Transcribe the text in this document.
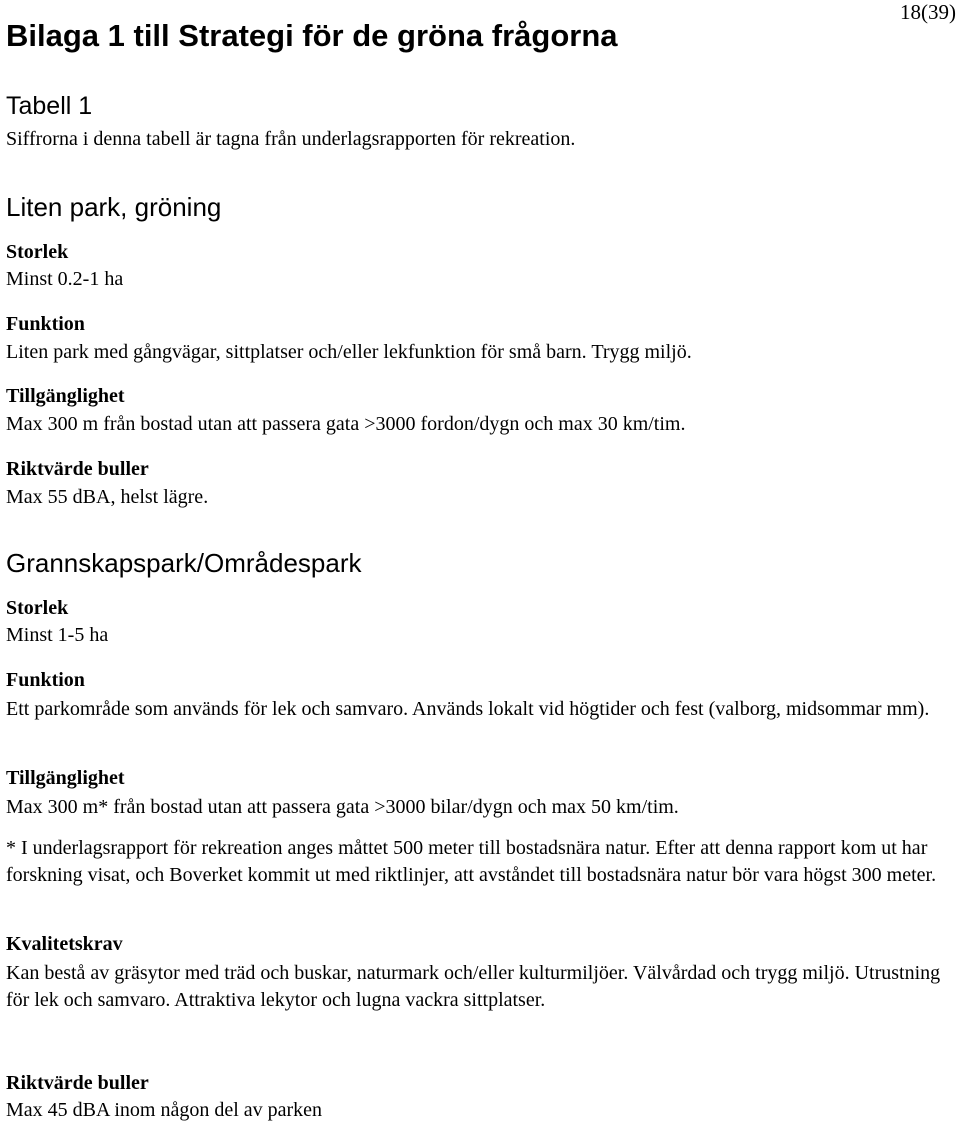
Bilaga 1 till Strategi för de gröna frågorna
18(39)
Tabell 1
Siffrorna i denna tabell är tagna från underlagsrapporten för rekreation.
Liten park, gröning
Storlek
Minst 0.2-1 ha
Funktion
Liten park med gångvägar, sittplatser och/eller lekfunktion för små barn. Trygg miljö.
Tillgänglighet
Max 300 m från bostad utan att passera gata >3000 fordon/dygn och max 30 km/tim.
Riktvärde buller
Max 55 dBA, helst lägre.
Grannskapspark/Områdespark
Storlek
Minst 1-5 ha
Funktion
Ett parkområde som används för lek och samvaro. Används lokalt vid högtider och fest (valborg, midsommar mm).
Tillgänglighet
Max 300 m* från bostad utan att passera gata >3000 bilar/dygn och max 50 km/tim.
* I underlagsrapport för rekreation anges måttet 500 meter till bostadsnära natur. Efter att denna rapport kom ut har forskning visat, och Boverket kommit ut med riktlinjer, att avståndet till bostadsnära natur bör vara högst 300 meter.
Kvalitetskrav
Kan bestå av gräsytor med träd och buskar, naturmark och/eller kulturmiljöer. Välvårdad och trygg miljö. Utrustning för lek och samvaro. Attraktiva lekytor och lugna vackra sittplatser.
Riktvärde buller
Max 45 dBA inom någon del av parken
